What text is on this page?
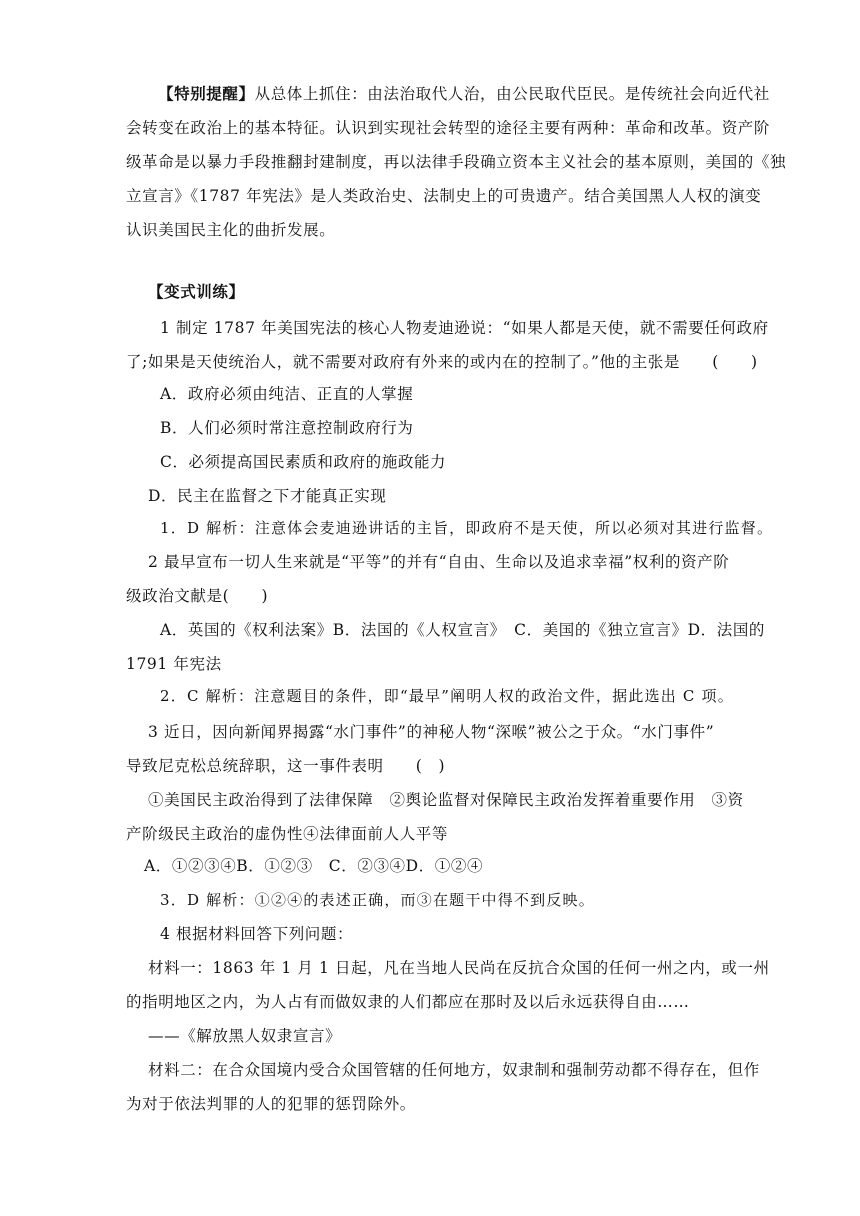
【特别提醒】从总体上抓住：由法治取代人治，由公民取代臣民。是传统社会向近代社
会转变在政治上的基本特征。认识到实现社会转型的途径主要有两种：革命和改革。资产阶
级革命是以暴力手段推翻封建制度，再以法律手段确立资本主义社会的基本原则，美国的《独
立宣言》《1787 年宪法》是人类政治史、法制史上的可贵遗产。结合美国黑人人权的演变
认识美国民主化的曲折发展。
【变式训练】
1 制定 1787 年美国宪法的核心人物麦迪逊说：“如果人都是天使，就不需要任何政府
了;如果是天使统治人，就不需要对政府有外来的或内在的控制了。”他的主张是　　(　　)
A．政府必须由纯洁、正直的人掌握
B．人们必须时常注意控制政府行为
C．必须提高国民素质和政府的施政能力
D．民主在监督之下才能真正实现
1．D 解析：注意体会麦迪逊讲话的主旨，即政府不是天使，所以必须对其进行监督。
2 最早宣布一切人生来就是“平等”的并有“自由、生命以及追求幸福”权利的资产阶
级政治文献是(　　)
A．英国的《权利法案》B．法国的《人权宣言》　C．美国的《独立宣言》D．法国的
1791 年宪法
2．C 解析：注意题目的条件，即“最早”阐明人权的政治文件，据此选出 C 项。
3 近日，因向新闻界揭露“水门事件”的神秘人物“深喉”被公之于众。“水门事件”
导致尼克松总统辞职，这一事件表明　　(　)
①美国民主政治得到了法律保障　②舆论监督对保障民主政治发挥着重要作用　③资
产阶级民主政治的虚伪性④法律面前人人平等
A．①②③④B．①②③　C．②③④D．①②④
3．D 解析：①②④的表述正确，而③在题干中得不到反映。
4 根据材料回答下列问题：
材料一：1863 年 1 月 1 日起，凡在当地人民尚在反抗合众国的任何一州之内，或一州
的指明地区之内，为人占有而做奴隶的人们都应在那时及以后永远获得自由……
——《解放黑人奴隶宣言》
材料二：在合众国境内受合众国管辖的任何地方，奴隶制和强制劳动都不得存在，但作
为对于依法判罪的人的犯罪的惩罚除外。
